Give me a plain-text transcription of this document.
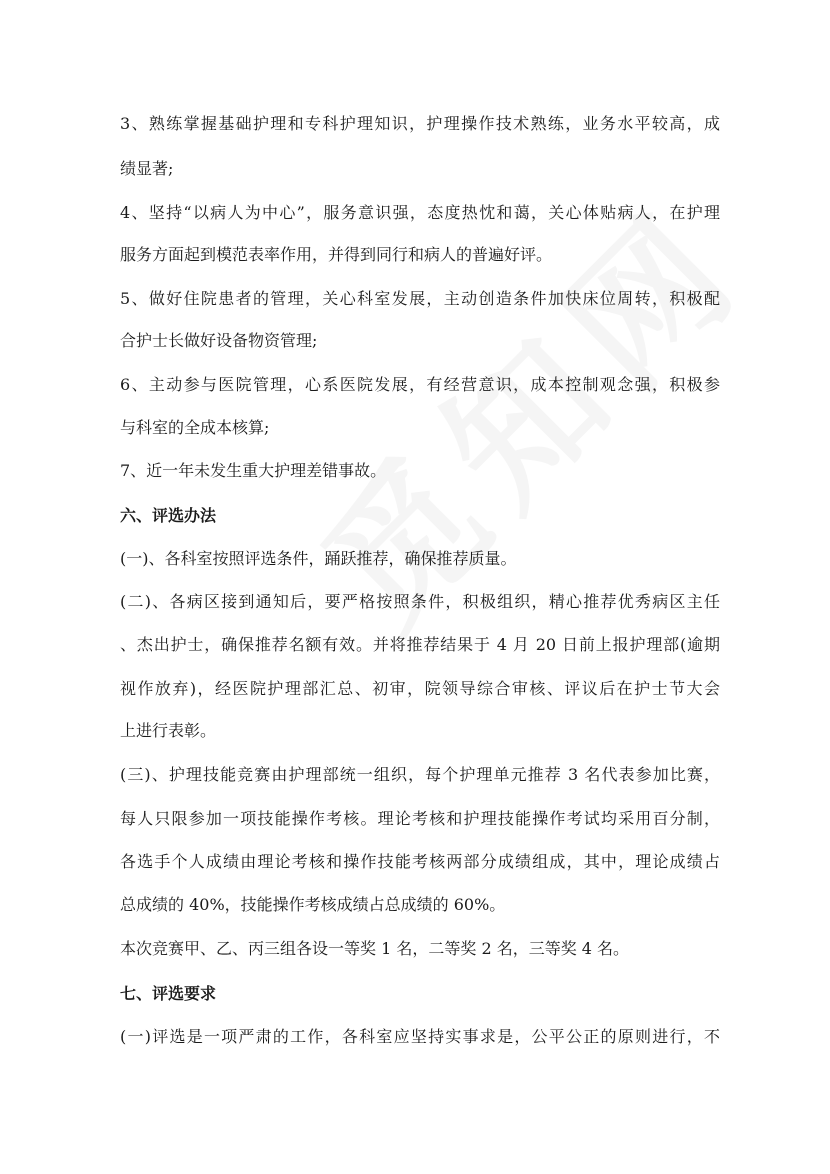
3、熟练掌握基础护理和专科护理知识，护理操作技术熟练，业务水平较高，成
绩显著;
4、坚持“以病人为中心”，服务意识强，态度热忱和蔼，关心体贴病人，在护理
服务方面起到模范表率作用，并得到同行和病人的普遍好评。
5、做好住院患者的管理，关心科室发展，主动创造条件加快床位周转，积极配
合护士长做好设备物资管理;
6、主动参与医院管理，心系医院发展，有经营意识，成本控制观念强，积极参
与科室的全成本核算;
7、近一年未发生重大护理差错事故。
六、评选办法
(一)、各科室按照评选条件，踊跃推荐，确保推荐质量。
(二)、各病区接到通知后，要严格按照条件，积极组织，精心推荐优秀病区主任
、杰出护士，确保推荐名额有效。并将推荐结果于 4 月 20 日前上报护理部(逾期
视作放弃)，经医院护理部汇总、初审，院领导综合审核、评议后在护士节大会
上进行表彰。
(三)、护理技能竞赛由护理部统一组织，每个护理单元推荐 3 名代表参加比赛，
每人只限参加一项技能操作考核。理论考核和护理技能操作考试均采用百分制，
各选手个人成绩由理论考核和操作技能考核两部分成绩组成，其中，理论成绩占
总成绩的 40%，技能操作考核成绩占总成绩的 60%。
本次竞赛甲、乙、丙三组各设一等奖 1 名，二等奖 2 名，三等奖 4 名。
七、评选要求
(一)评选是一项严肃的工作，各科室应坚持实事求是，公平公正的原则进行，不
